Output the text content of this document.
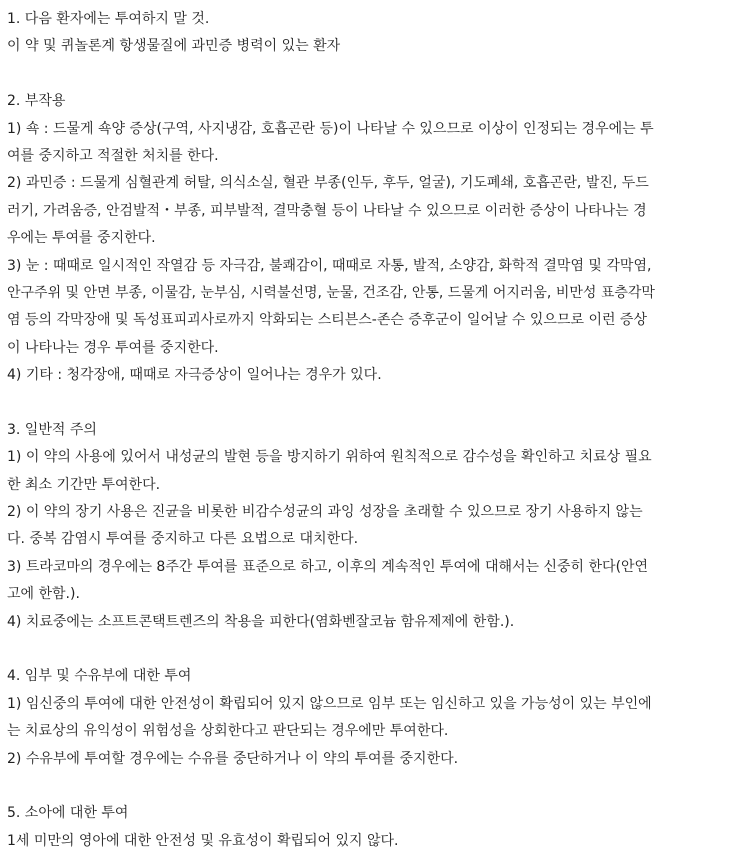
1. 다음 환자에는 투여하지 말 것.
이 약 및 퀴놀론계 항생물질에 과민증 병력이 있는 환자
2. 부작용
1) 쇽 : 드물게 쇽양 증상(구역, 사지냉감, 호흡곤란 등)이 나타날 수 있으므로 이상이 인정되는 경우에는 투
여를 중지하고 적절한 처치를 한다.
2) 과민증 : 드물게 심혈관계 허탈, 의식소실, 혈관 부종(인두, 후두, 얼굴), 기도폐쇄, 호흡곤란, 발진, 두드
러기, 가려움증, 안검발적・부종, 피부발적, 결막충혈 등이 나타날 수 있으므로 이러한 증상이 나타나는 경
우에는 투여를 중지한다.
3) 눈 : 때때로 일시적인 작열감 등 자극감, 불쾌감이, 때때로 자통, 발적, 소양감, 화학적 결막염 및 각막염,
안구주위 및 안면 부종, 이물감, 눈부심, 시력불선명, 눈물, 건조감, 안통, 드물게 어지러움, 비만성 표층각막
염 등의 각막장애 및 독성표피괴사로까지 악화되는 스티븐스-존슨 증후군이 일어날 수 있으므로 이런 증상
이 나타나는 경우 투여를 중지한다.
4) 기타 : 청각장애, 때때로 자극증상이 일어나는 경우가 있다.
3. 일반적 주의
1) 이 약의 사용에 있어서 내성균의 발현 등을 방지하기 위하여 원칙적으로 감수성을 확인하고 치료상 필요
한 최소 기간만 투여한다.
2) 이 약의 장기 사용은 진균을 비롯한 비감수성균의 과잉 성장을 초래할 수 있으므로 장기 사용하지 않는
다. 중복 감염시 투여를 중지하고 다른 요법으로 대치한다.
3) 트라코마의 경우에는 8주간 투여를 표준으로 하고, 이후의 계속적인 투여에 대해서는 신중히 한다(안연
고에 한함.).
4) 치료중에는 소프트콘택트렌즈의 착용을 피한다(염화벤잘코늄 함유제제에 한함.).
4. 임부 및 수유부에 대한 투여
1) 임신중의 투여에 대한 안전성이 확립되어 있지 않으므로 임부 또는 임신하고 있을 가능성이 있는 부인에
는 치료상의 유익성이 위험성을 상회한다고 판단되는 경우에만 투여한다.
2) 수유부에 투여할 경우에는 수유를 중단하거나 이 약의 투여를 중지한다.
5. 소아에 대한 투여
1세 미만의 영아에 대한 안전성 및 유효성이 확립되어 있지 않다.
